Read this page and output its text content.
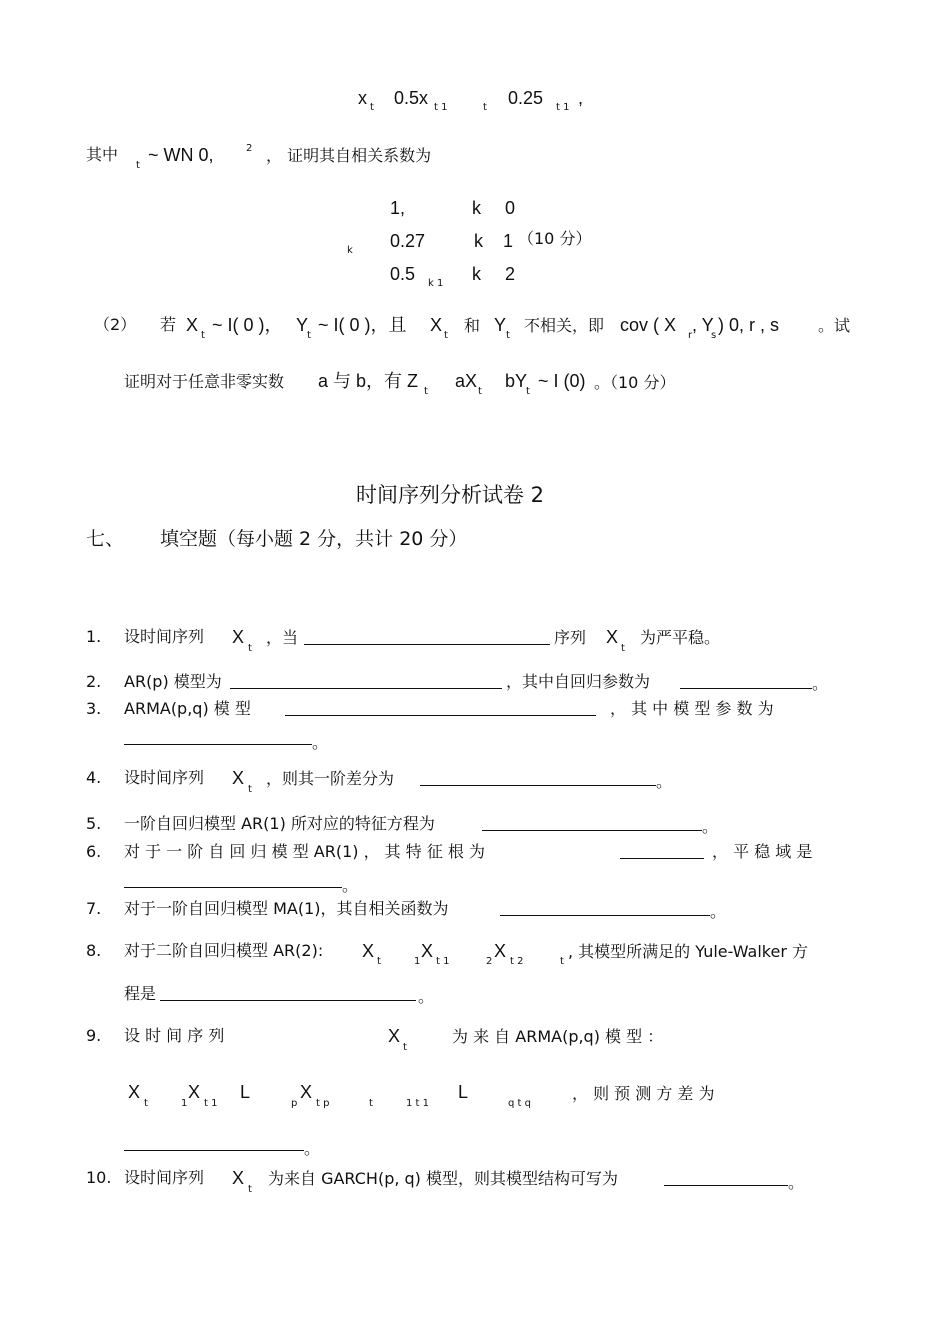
x t 0.5x t 1	t 0.25 t 1 ,
其中
t
~ WN 0,	2 ， 证明其自相关系数为
k
1,	k 0
0.27	k 1 （10 分）
0.5 k 1 k 2
（2） 若 X
t
~ I( 0 )， Y
t
~ I( 0 )，且 X
t
和 Y
t
不相关，即 cov ( X
r
, Y
s
) 0, r , s 。试
证明对于任意非零实数 a 与 b，有 Z
t
aX
t
bY
t
~ I (0) 。（10 分）
时间序列分析试卷 2
七、 填空题（每小题 2 分，共计 20 分）
1. 设时间序列 X
t
，当	序列 X
t
为严平稳。
2. AR(p) 模型为	，其中自回归参数为	。
3. ARMA(p,q) 模 型	， 其 中 模 型 参 数 为
。
4. 设时间序列 X
t
，则其一阶差分为	。
5. 一阶自回归模型 AR(1) 所对应的特征方程为	。
6. 对 于 一 阶 自 回 归 模 型 AR(1) ， 其 特 征 根 为	， 平 稳 域 是
。
7. 对于一阶自回归模型 MA(1)，其自相关函数为	。
8. 对于二阶自回归模型 AR(2): X
t	1
X
t 1	2
X
t 2	t
, 其模型所满足的 Yule-Walker 方
程是	。
9. 设 时 间 序 列	X
t
为 来 自 ARMA(p,q) 模 型 ：
X
t	1
X
t 1
L
p
X
t p	t	1 t 1
L
q t q
， 则 预 测 方 差 为
。
10. 设时间序列 X
t
为来自 GARCH(p, q) 模型，则其模型结构可写为	。
